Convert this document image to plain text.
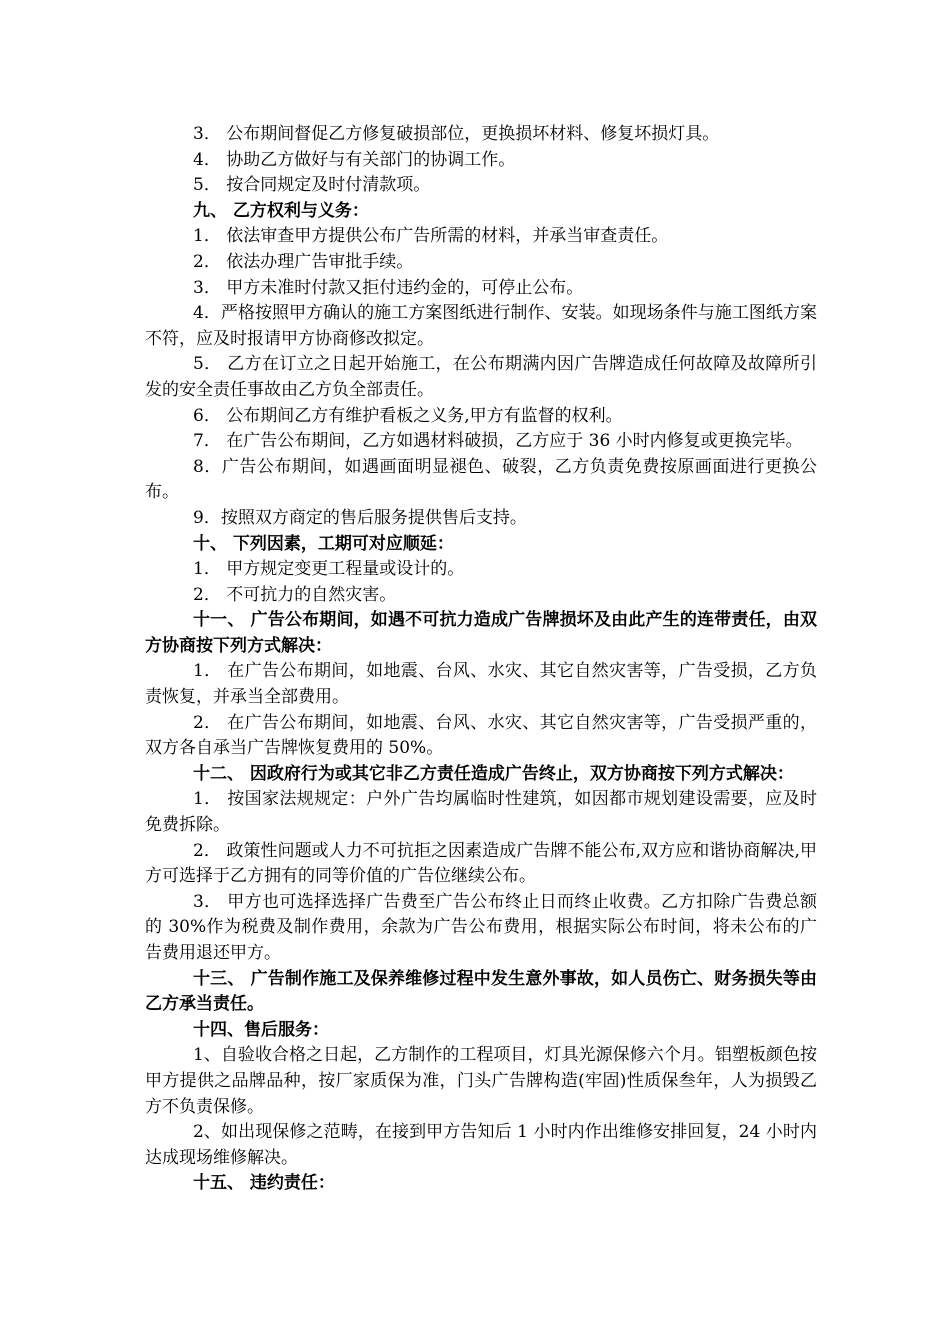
3． 公布期间督促乙方修复破损部位，更换损坏材料、修复坏损灯具。

4． 协助乙方做好与有关部门的协调工作。

5． 按合同规定及时付清款项。

九、 乙方权利与义务：

1． 依法审查甲方提供公布广告所需的材料，并承当审查责任。

2． 依法办理广告审批手续。

3． 甲方未准时付款又拒付违约金的，可停止公布。

4．严格按照甲方确认的施工方案图纸进行制作、安装。如现场条件与施工图纸方案不符，应及时报请甲方协商修改拟定。

5． 乙方在订立之日起开始施工，在公布期满内因广告牌造成任何故障及故障所引发的安全责任事故由乙方负全部责任。

6． 公布期间乙方有维护看板之义务,甲方有监督的权利。

7． 在广告公布期间，乙方如遇材料破损，乙方应于 36 小时内修复或更换完毕。

8．广告公布期间，如遇画面明显褪色、破裂，乙方负责免费按原画面进行更换公布。

9．按照双方商定的售后服务提供售后支持。

十、 下列因素，工期可对应顺延：

1． 甲方规定变更工程量或设计的。

2． 不可抗力的自然灾害。

十一、 广告公布期间，如遇不可抗力造成广告牌损坏及由此产生的连带责任，由双方协商按下列方式解决：

1． 在广告公布期间，如地震、台风、水灾、其它自然灾害等，广告受损，乙方负责恢复，并承当全部费用。

2． 在广告公布期间，如地震、台风、水灾、其它自然灾害等，广告受损严重的，双方各自承当广告牌恢复费用的 50%。

十二、 因政府行为或其它非乙方责任造成广告终止，双方协商按下列方式解决：

1． 按国家法规规定：户外广告均属临时性建筑，如因都市规划建设需要，应及时免费拆除。

2． 政策性问题或人力不可抗拒之因素造成广告牌不能公布,双方应和谐协商解决,甲方可选择于乙方拥有的同等价值的广告位继续公布。

3． 甲方也可选择选择广告费至广告公布终止日而终止收费。乙方扣除广告费总额的 30%作为税费及制作费用，余款为广告公布费用，根据实际公布时间，将未公布的广告费用退还甲方。

十三、 广告制作施工及保养维修过程中发生意外事故，如人员伤亡、财务损失等由乙方承当责任。

十四、售后服务：

1、自验收合格之日起，乙方制作的工程项目，灯具光源保修六个月。铝塑板颜色按甲方提供之品牌品种，按厂家质保为准，门头广告牌构造(牢固)性质保叁年，人为损毁乙方不负责保修。

2、如出现保修之范畴，在接到甲方告知后 1 小时内作出维修安排回复，24 小时内达成现场维修解决。

十五、 违约责任：
